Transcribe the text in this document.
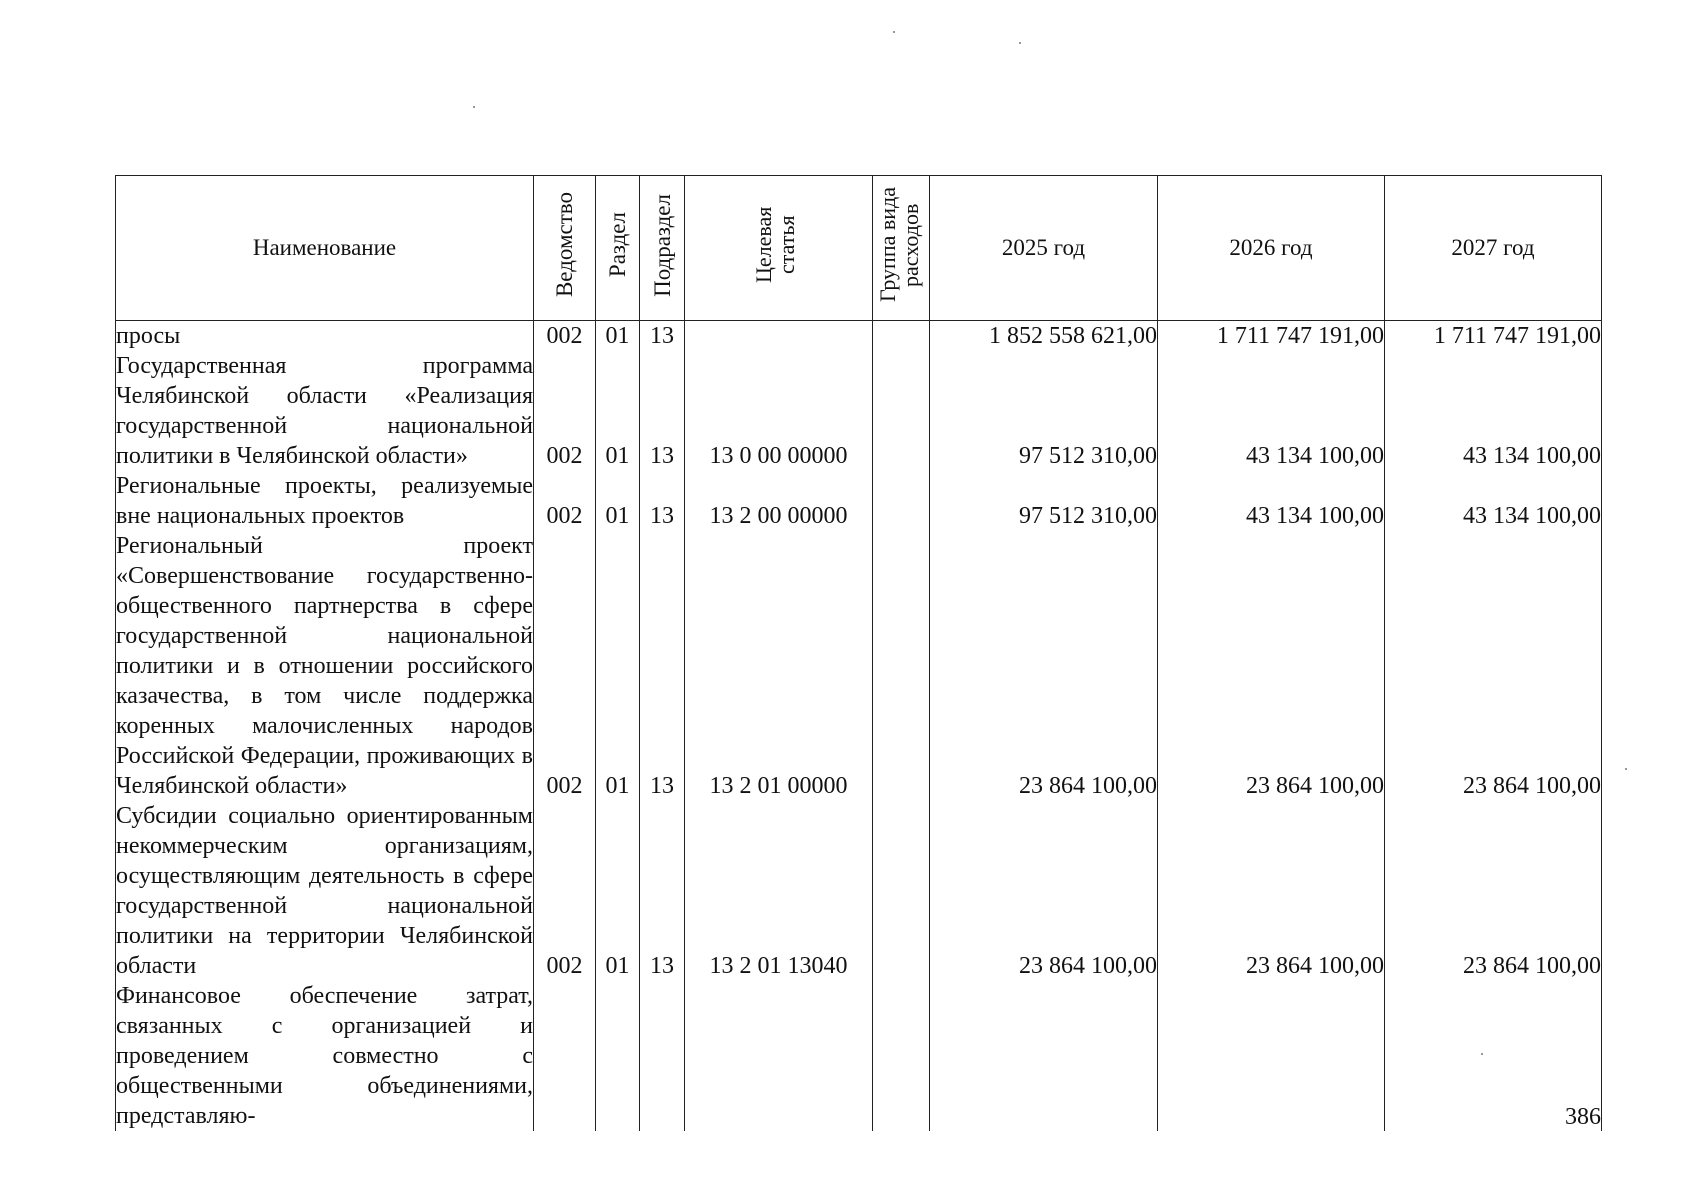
Наименование	Ведомство	Раздел	Подраздел	Целевая статья	Группа вида расходов	2025 год	2026 год	2027 год
просы	002	01	13			1 852 558 621,00	1 711 747 191,00	1 711 747 191,00
Государственная программа Челябинской области «Реализация государственной национальной политики в Челябинской области»	002	01	13	13 0 00 00000		97 512 310,00	43 134 100,00	43 134 100,00
Региональные проекты, реализуемые вне национальных проектов	002	01	13	13 2 00 00000		97 512 310,00	43 134 100,00	43 134 100,00
Региональный проект «Совершенствование государственно-общественного партнерства в сфере государственной национальной политики и в отношении российского казачества, в том числе поддержка коренных малочисленных народов Российской Федерации, проживающих в Челябинской области»	002	01	13	13 2 01 00000		23 864 100,00	23 864 100,00	23 864 100,00
Субсидии социально ориентированным некоммерческим организациям, осуществляющим деятельность в сфере государственной национальной политики на территории Челябинской области	002	01	13	13 2 01 13040		23 864 100,00	23 864 100,00	23 864 100,00
Финансовое обеспечение затрат, связанных с организацией и проведением совместно с общественными объединениями, представляю-									386
